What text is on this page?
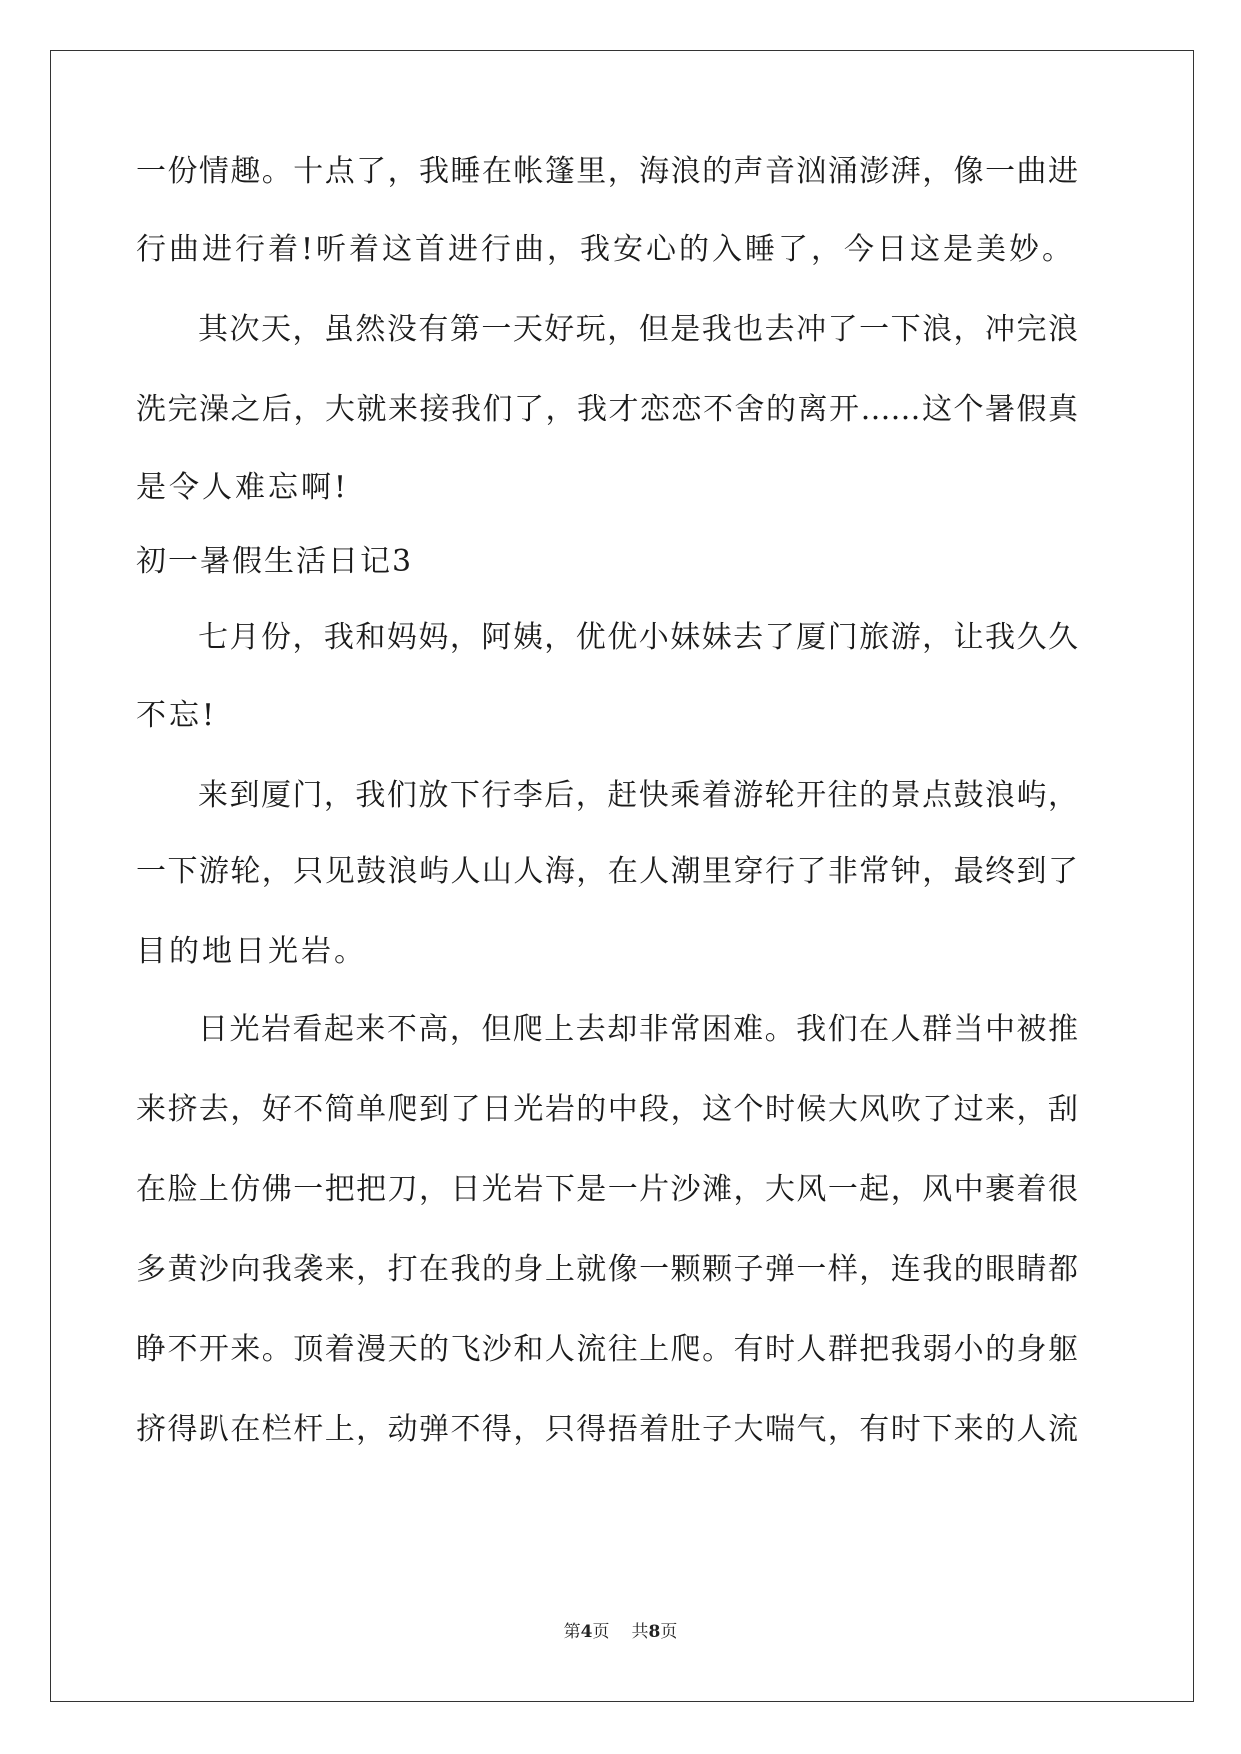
一份情趣。十点了，我睡在帐篷里，海浪的声音汹涌澎湃，像一曲进
行曲进行着!听着这首进行曲，我安心的入睡了，今日这是美妙。
其次天，虽然没有第一天好玩，但是我也去冲了一下浪，冲完浪
洗完澡之后，大就来接我们了，我才恋恋不舍的离开……这个暑假真
是令人难忘啊!
初一暑假生活日记3
七月份，我和妈妈，阿姨，优优小妹妹去了厦门旅游，让我久久
不忘!
来到厦门，我们放下行李后，赶快乘着游轮开往的景点鼓浪屿，
一下游轮，只见鼓浪屿人山人海，在人潮里穿行了非常钟，最终到了
目的地日光岩。
日光岩看起来不高，但爬上去却非常困难。我们在人群当中被推
来挤去，好不简单爬到了日光岩的中段，这个时候大风吹了过来，刮
在脸上仿佛一把把刀，日光岩下是一片沙滩，大风一起，风中裹着很
多黄沙向我袭来，打在我的身上就像一颗颗子弹一样，连我的眼睛都
睁不开来。顶着漫天的飞沙和人流往上爬。有时人群把我弱小的身躯
挤得趴在栏杆上，动弹不得，只得捂着肚子大喘气，有时下来的人流
第4页 共8页
